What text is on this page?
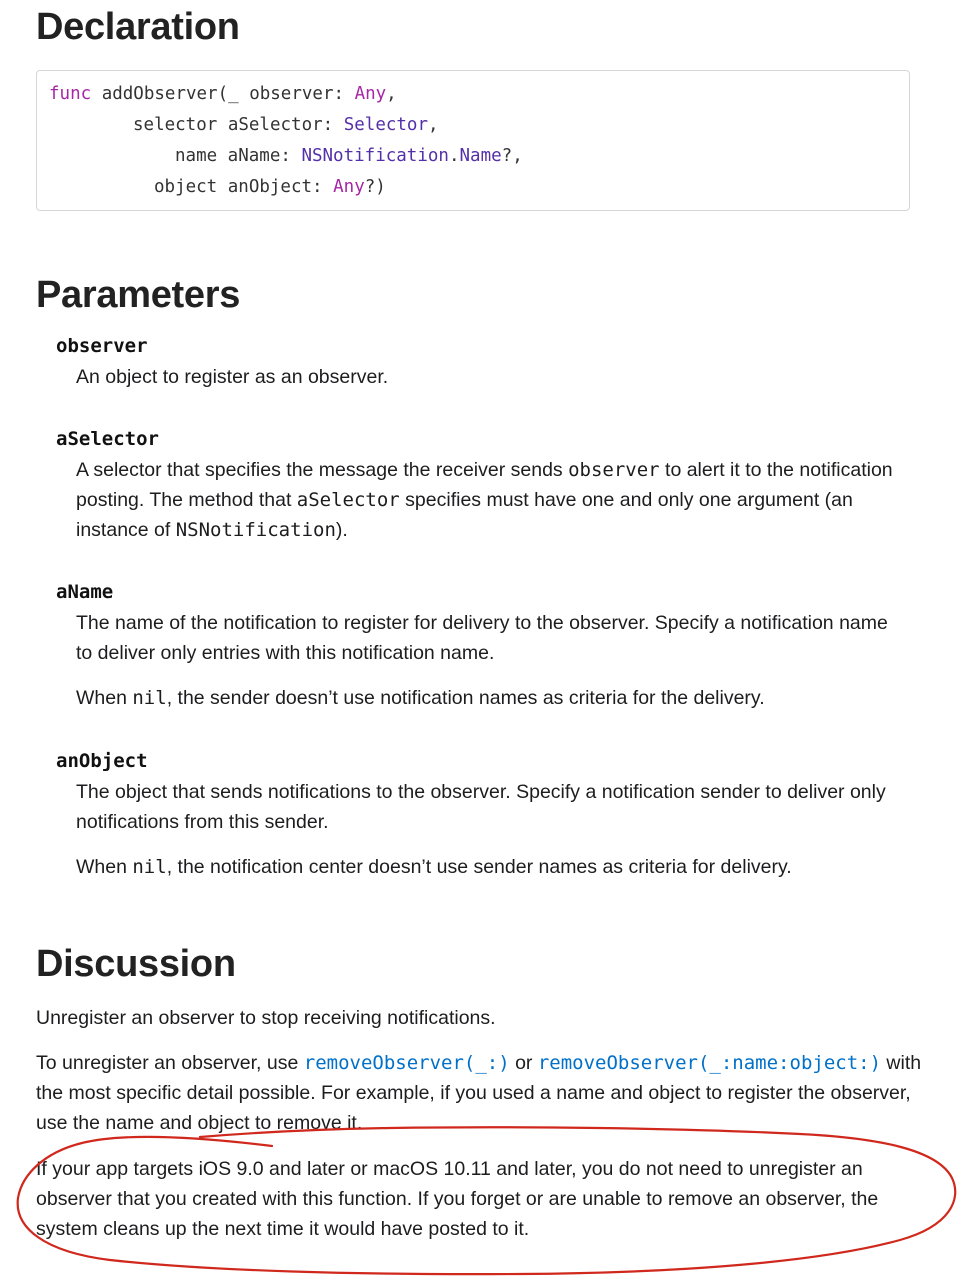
Declaration
func addObserver(_ observer: Any,
selector aSelector: Selector,
name aName: NSNotification.Name?,
object anObject: Any?)
Parameters
observer

An object to register as an observer.

aSelector

A selector that specifies the message the receiver sends observer to alert it to the notification posting. The method that aSelector specifies must have one and only one argument (an instance of NSNotification).

aName

The name of the notification to register for delivery to the observer. Specify a notification name to deliver only entries with this notification name.

When nil, the sender doesn’t use notification names as criteria for the delivery.

anObject

The object that sends notifications to the observer. Specify a notification sender to deliver only notifications from this sender.

When nil, the notification center doesn’t use sender names as criteria for delivery.

Discussion

Unregister an observer to stop receiving notifications.

To unregister an observer, use removeObserver(_:) or removeObserver(_:name:object:) with the most specific detail possible. For example, if you used a name and object to register the observer, use the name and object to remove it.

If your app targets iOS 9.0 and later or macOS 10.11 and later, you do not need to unregister an observer that you created with this function. If you forget or are unable to remove an observer, the system cleans up the next time it would have posted to it.
